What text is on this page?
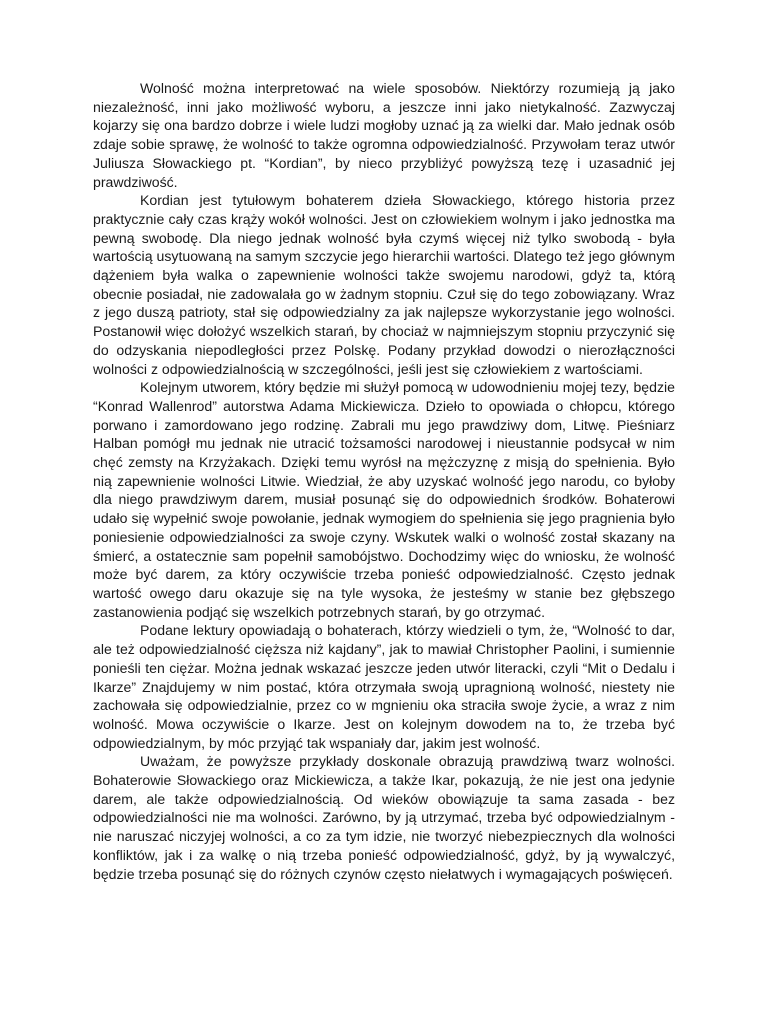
Wolność można interpretować na wiele sposobów. Niektórzy rozumieją ją jako niezależność, inni jako możliwość wyboru, a jeszcze inni jako nietykalność. Zazwyczaj kojarzy się ona bardzo dobrze i wiele ludzi mogłoby uznać ją za wielki dar. Mało jednak osób zdaje sobie sprawę, że wolność to także ogromna odpowiedzialność. Przywołam teraz utwór Juliusza Słowackiego pt. “Kordian”, by nieco przybliżyć powyższą tezę i uzasadnić jej prawdziwość.

Kordian jest tytułowym bohaterem dzieła Słowackiego, którego historia przez praktycznie cały czas krąży wokół wolności. Jest on człowiekiem wolnym i jako jednostka ma pewną swobodę. Dla niego jednak wolność była czymś więcej niż tylko swobodą - była wartością usytuowaną na samym szczycie jego hierarchii wartości. Dlatego też jego głównym dążeniem była walka o zapewnienie wolności także swojemu narodowi, gdyż ta, którą obecnie posiadał, nie zadowalała go w żadnym stopniu. Czuł się do tego zobowiązany. Wraz z jego duszą patrioty, stał się odpowiedzialny za jak najlepsze wykorzystanie jego wolności. Postanowił więc dołożyć wszelkich starań, by chociaż w najmniejszym stopniu przyczynić się do odzyskania niepodległości przez Polskę. Podany przykład dowodzi o nierozłączności wolności z odpowiedzialnością w szczególności, jeśli jest się człowiekiem z wartościami.

Kolejnym utworem, który będzie mi służył pomocą w udowodnieniu mojej tezy, będzie “Konrad Wallenrod” autorstwa Adama Mickiewicza. Dzieło to opowiada o chłopcu, którego porwano i zamordowano jego rodzinę. Zabrali mu jego prawdziwy dom, Litwę. Pieśniarz Halban pomógł mu jednak nie utracić tożsamości narodowej i nieustannie podsycał w nim chęć zemsty na Krzyżakach. Dzięki temu wyrósł na mężczyznę z misją do spełnienia. Było nią zapewnienie wolności Litwie. Wiedział, że aby uzyskać wolność jego narodu, co byłoby dla niego prawdziwym darem, musiał posunąć się do odpowiednich środków. Bohaterowi udało się wypełnić swoje powołanie, jednak wymogiem do spełnienia się jego pragnienia było poniesienie odpowiedzialności za swoje czyny. Wskutek walki o wolność został skazany na śmierć, a ostatecznie sam popełnił samobójstwo. Dochodzimy więc do wniosku, że wolność może być darem, za który oczywiście trzeba ponieść odpowiedzialność. Często jednak wartość owego daru okazuje się na tyle wysoka, że jesteśmy w stanie bez głębszego zastanowienia podjąć się wszelkich potrzebnych starań, by go otrzymać.

Podane lektury opowiadają o bohaterach, którzy wiedzieli o tym, że, “Wolność to dar, ale też odpowiedzialność cięższa niż kajdany”, jak to mawiał Christopher Paolini, i sumiennie ponieśli ten ciężar. Można jednak wskazać jeszcze jeden utwór literacki, czyli “Mit o Dedalu i Ikarze” Znajdujemy w nim postać, która otrzymała swoją upragnioną wolność, niestety nie zachowała się odpowiedzialnie, przez co w mgnieniu oka straciła swoje życie, a wraz z nim wolność. Mowa oczywiście o Ikarze. Jest on kolejnym dowodem na to, że trzeba być odpowiedzialnym, by móc przyjąć tak wspaniały dar, jakim jest wolność.

Uważam, że powyższe przykłady doskonale obrazują prawdziwą twarz wolności. Bohaterowie Słowackiego oraz Mickiewicza, a także Ikar, pokazują, że nie jest ona jedynie darem, ale także odpowiedzialnością. Od wieków obowiązuje ta sama zasada - bez odpowiedzialności nie ma wolności. Zarówno, by ją utrzymać, trzeba być odpowiedzialnym - nie naruszać niczyjej wolności, a co za tym idzie, nie tworzyć niebezpiecznych dla wolności konfliktów, jak i za walkę o nią trzeba ponieść odpowiedzialność, gdyż, by ją wywalczyć, będzie trzeba posunąć się do różnych czynów często niełatwych i wymagających poświęceń.
